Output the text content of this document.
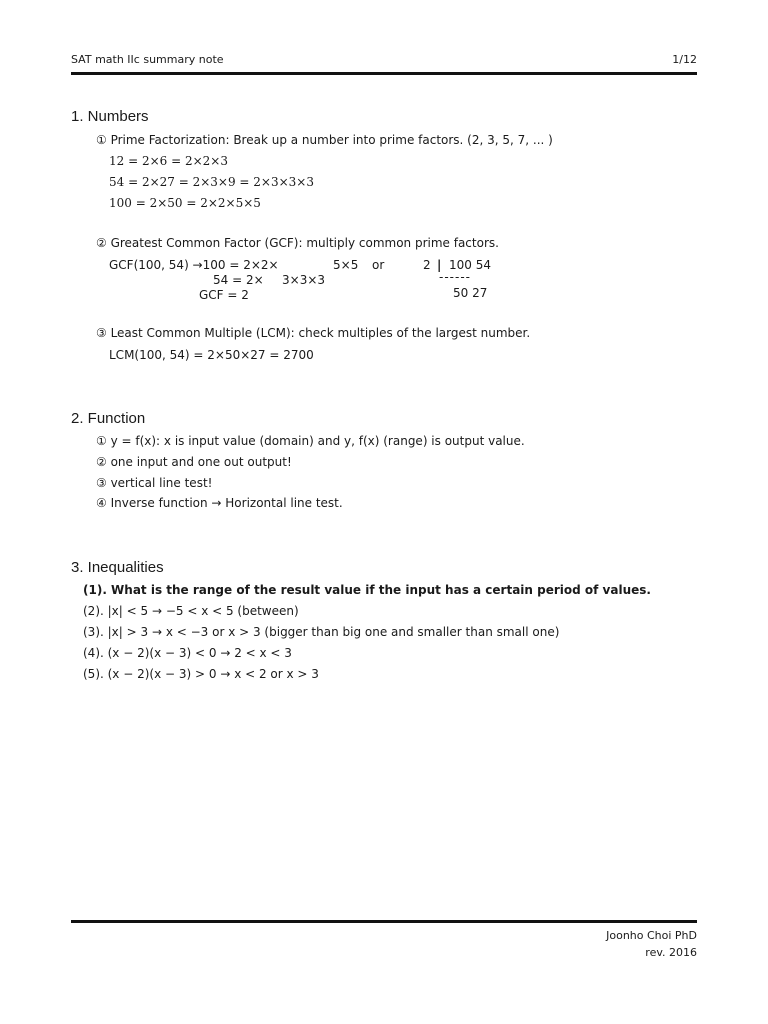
SAT math IIc summary note	1/12
1. Numbers
① Prime Factorization: Break up a number into prime factors. (2, 3, 5, 7, ... )
12 = 2×6 = 2×2×3
54 = 2×27 = 2×3×9 = 2×3×3×3
100 = 2×50 = 2×2×5×5
② Greatest Common Factor (GCF): multiply common prime factors.
GCF(100, 54) →100 = 2×2×	5×5 or
54 = 2× 3×3×3
GCF = 2
2 | 100 54
------
50 27
③ Least Common Multiple (LCM): check multiples of the largest number.
LCM(100, 54) = 2×50×27 = 2700
2. Function
① y = f(x): x is input value (domain) and y, f(x) (range) is output value.
② one input and one out output!
③ vertical line test!
④ Inverse function → Horizontal line test.
3. Inequalities
(1). What is the range of the result value if the input has a certain period of values.
(2). |x| < 5 → −5 < x < 5 (between)
(3). |x| > 3 → x < −3 or x > 3 (bigger than big one and smaller than small one)
(4). (x − 2)(x − 3) < 0 → 2 < x < 3
(5). (x − 2)(x − 3) > 0 → x < 2 or x > 3
Joonho Choi PhD
rev. 2016
